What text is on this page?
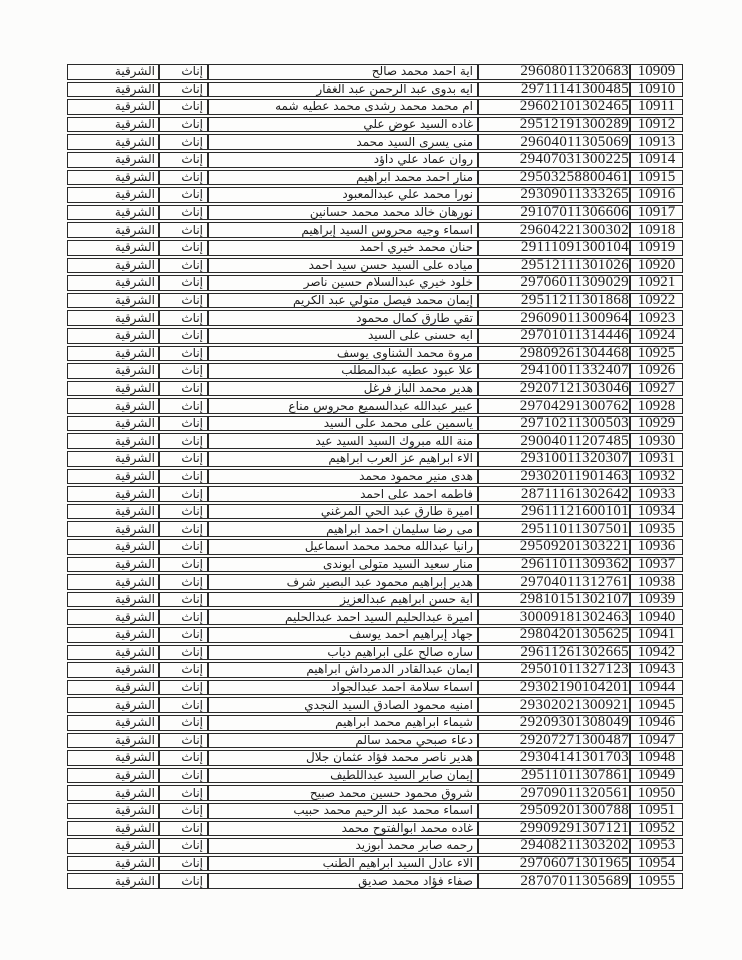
10909	29608011320683	اية احمد محمد صالح	إناث	الشرقية
10910	29711141300485	ايه بدوى عبد الرحمن عبد الغفار	إناث	الشرقية
10911	29602101302465	ام محمد محمد رشدى محمد عطيه شمه	إناث	الشرقية
10912	29512191300289	غاده السيد عوض علي	إناث	الشرقية
10913	29604011305069	منى يسرى السيد محمد	إناث	الشرقية
10914	29407031300225	روان عماد علي داؤد	إناث	الشرقية
10915	29503258800461	منار احمد محمد ابراهيم	إناث	الشرقية
10916	29309011333265	نورا محمد علي عبدالمعبود	إناث	الشرقية
10917	29107011306606	نورهان خالد محمد محمد حسانين	إناث	الشرقية
10918	29604221300302	اسماء وجيه محروس السيد إبراهيم	إناث	الشرقية
10919	29111091300104	حنان محمد خيري احمد	إناث	الشرقية
10920	29512111301026	مياده على السيد حسن سيد احمد	إناث	الشرقية
10921	29706011309029	خلود خيري عبدالسلام حسين ناصر	إناث	الشرقية
10922	29511211301868	إيمان محمد فيصل متولي عبد الكريم	إناث	الشرقية
10923	29609011300964	تقي طارق كمال محمود	إناث	الشرقية
10924	29701011314446	ايه حسنى على السيد	إناث	الشرقية
10925	29809261304468	مروة محمد الشناوى يوسف	إناث	الشرقية
10926	29410011332407	علا عبود عطيه عبدالمطلب	إناث	الشرقية
10927	29207121303046	هدير محمد الباز فرغل	إناث	الشرقية
10928	29704291300762	عبير عبدالله عبدالسميع محروس مناع	إناث	الشرقية
10929	29710211300503	ياسمين على محمد على السيد	إناث	الشرقية
10930	29004011207485	منة الله مبروك السيد السيد عيد	إناث	الشرقية
10931	29310011320307	الاء ابراهيم عز العرب ابراهيم	إناث	الشرقية
10932	29302011901463	هدى منير محمود محمد	إناث	الشرقية
10933	28711161302642	فاطمه احمد على احمد	إناث	الشرقية
10934	29611121600101	اميرة طارق عبد الحي المرغني	إناث	الشرقية
10935	29511011307501	مى رضا سليمان احمد ابراهيم	إناث	الشرقية
10936	29509201303221	رانيا عبدالله محمد محمد اسماعيل	إناث	الشرقية
10937	29611011309362	منار سعيد السيد متولى ابوندى	إناث	الشرقية
10938	29704011312761	هدير إبراهيم محمود عبد البصير شرف	إناث	الشرقية
10939	29810151302107	أية حسن ابراهيم عبدالعزيز	إناث	الشرقية
10940	30009181302463	اميرة عبدالحليم السيد احمد عبدالحليم	إناث	الشرقية
10941	29804201305625	جهاد إبراهيم احمد يوسف	إناث	الشرقية
10942	29611261302665	ساره صالح على ابراهيم دياب	إناث	الشرقية
10943	29501011327123	ايمان عبدالقادر الدمرداش ابراهيم	إناث	الشرقية
10944	29302190104201	اسماء سلامة احمد عبدالجواد	إناث	الشرقية
10945	29302021300921	امنيه محمود الصادق السيد النجدي	إناث	الشرقية
10946	29209301308049	شيماء ابراهيم محمد ابراهيم	إناث	الشرقية
10947	29207271300487	دعاء صبحي محمد سالم	إناث	الشرقية
10948	29304141301703	هدير ناصر محمد فؤاد عثمان جلال	إناث	الشرقية
10949	29511011307861	إيمان صابر السيد عبداللطيف	إناث	الشرقية
10950	29709011320561	شروق محمود حسين محمد صبيح	إناث	الشرقية
10951	29509201300788	اسماء محمد عبد الرحيم محمد حبيب	إناث	الشرقية
10952	29909291307121	غاده محمد ابوالفتوح محمد	إناث	الشرقية
10953	29408211303202	رحمه صابر محمد أبوزيد	إناث	الشرقية
10954	29706071301965	الاء عادل السيد ابراهيم الطنب	إناث	الشرقية
10955	28707011305689	صفاء فؤاد محمد صديق	إناث	الشرقية
